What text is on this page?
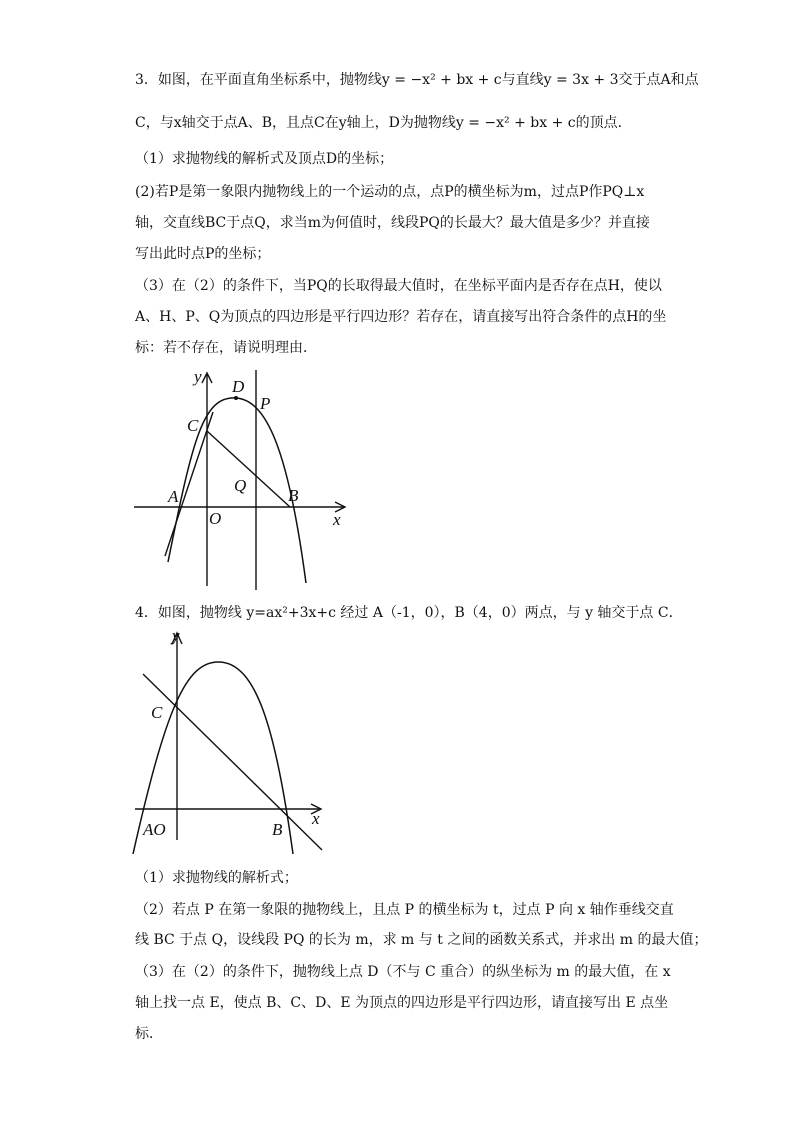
3．如图，在平面直角坐标系中，抛物线y = −x² + bx + c与直线y = 3x + 3交于点A和点
C，与x轴交于点A、B，且点C在y轴上，D为抛物线y = −x² + bx + c的顶点．
（1）求抛物线的解析式及顶点D的坐标；
(2)若P是第一象限内抛物线上的一个运动的点，点P的横坐标为m，过点P作PQ⊥x
轴，交直线BC于点Q，求当m为何值时，线段PQ的长最大？最大值是多少？并直接
写出此时点P的坐标；
（3）在（2）的条件下，当PQ的长取得最大值时，在坐标平面内是否存在点H，使以
A、H、P、Q为顶点的四边形是平行四边形？若存在，请直接写出符合条件的点H的坐
标：若不存在，请说明理由．
y
D
P
C
Q
A	B
O	x
4．如图，抛物线 y=ax²+3x+c 经过 A（-1，0），B（4，0）两点，与 y 轴交于点 C．
y
C
AO	B
x
（1）求抛物线的解析式；
（2）若点 P 在第一象限的抛物线上，且点 P 的横坐标为 t，过点 P 向 x 轴作垂线交直
线 BC 于点 Q，设线段 PQ 的长为 m，求 m 与 t 之间的函数关系式，并求出 m 的最大值；
（3）在（2）的条件下，抛物线上点 D（不与 C 重合）的纵坐标为 m 的最大值，在 x
轴上找一点 E，使点 B、C、D、E 为顶点的四边形是平行四边形，请直接写出 E 点坐
标．
